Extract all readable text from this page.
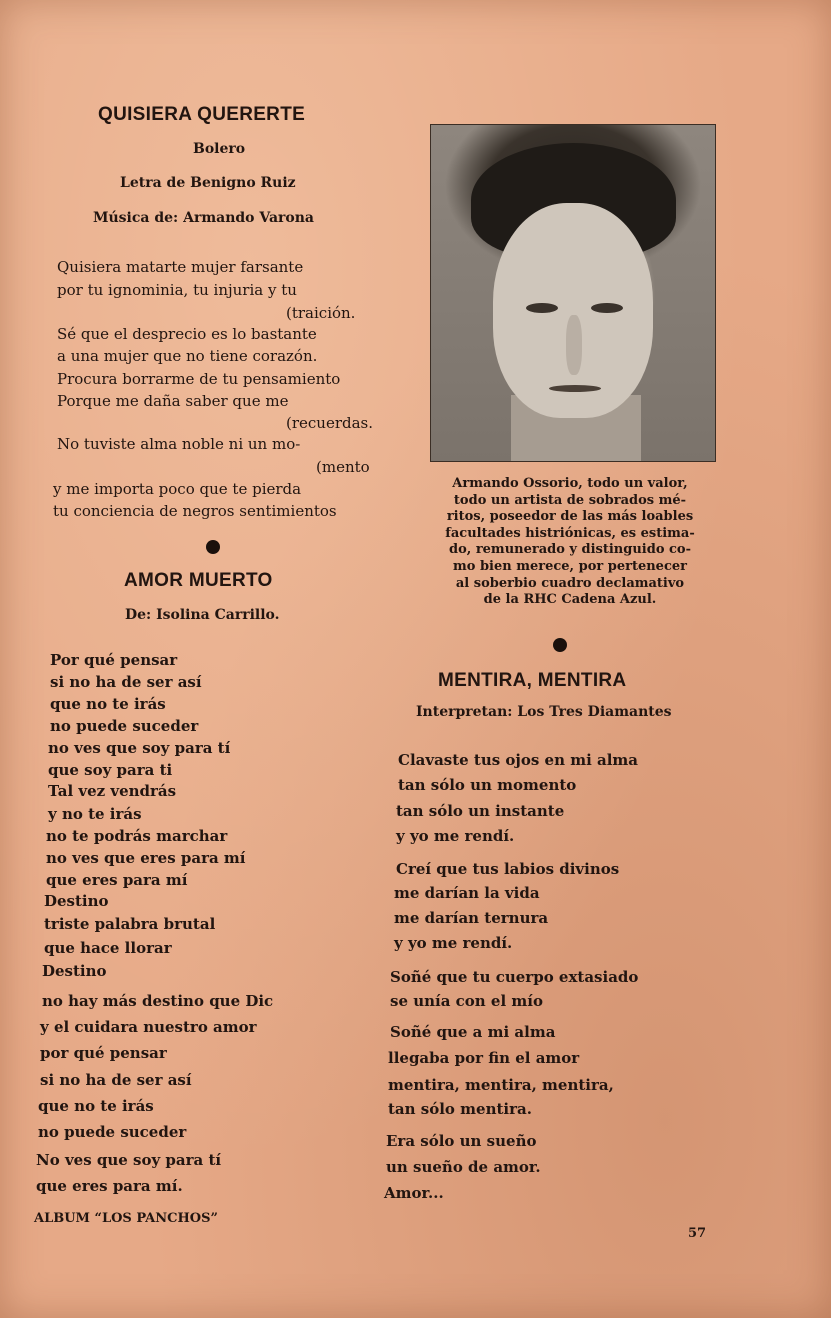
QUISIERA QUERERTE
Bolero
Letra de Benigno Ruiz
Música de: Armando Varona
Quisiera matarte mujer farsante
por tu ignominia, tu injuria y tu
(traición.
Sé que el desprecio es lo bastante
a una mujer que no tiene corazón.
Procura borrarme de tu pensamiento
Porque me daña saber que me
(recuerdas.
No tuviste alma noble ni un mo-
(mento
y me importa poco que te pierda
tu conciencia de negros sentimientos
AMOR MUERTO
De: Isolina Carrillo.
Por qué pensar
si no ha de ser así
que no te irás
no puede suceder
no ves que soy para tí
que soy para ti
Tal vez vendrás
y no te irás
no te podrás marchar
no ves que eres para mí
que eres para mí
Destino
triste palabra brutal
que hace llorar
Destino
no hay más destino que Dic
y el cuidara nuestro amor
por qué pensar
si no ha de ser así
que no te irás
no puede suceder
No ves que soy para tí
que eres para mí.
ALBUM “LOS PANCHOS”
Armando Ossorio, todo un valor,
todo un artista de sobrados mé-
ritos, poseedor de las más loables
facultades histriónicas, es estima-
do, remunerado y distinguido co-
mo bien merece, por pertenecer
al soberbio cuadro declamativo
de la RHC Cadena Azul.
MENTIRA, MENTIRA
Interpretan: Los Tres Diamantes
Clavaste tus ojos en mi alma
tan sólo un momento
tan sólo un instante
y yo me rendí.
Creí que tus labios divinos
me darían la vida
me darían ternura
y yo me rendí.
Soñé que tu cuerpo extasiado
se unía con el mío
Soñé que a mi alma
llegaba por fin el amor
mentira, mentira, mentira,
tan sólo mentira.
Era sólo un sueño
un sueño de amor.
Amor...
57
